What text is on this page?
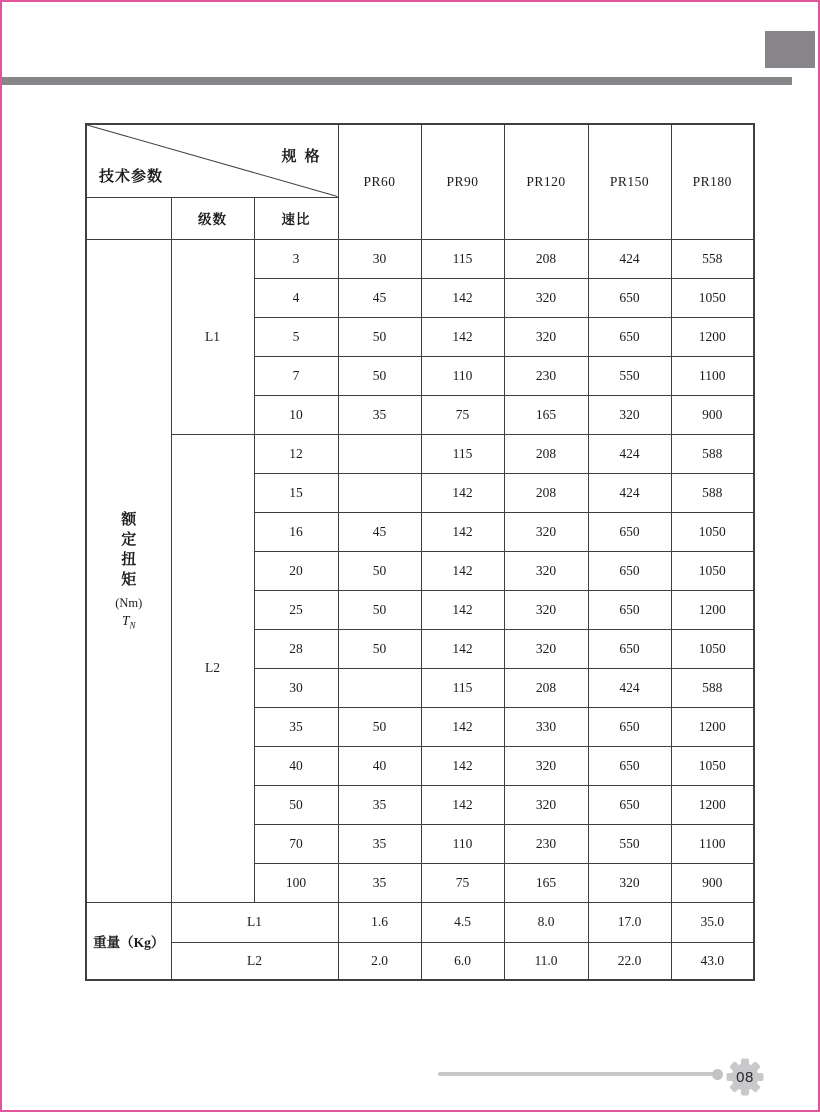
技术参数
规格			PR60	PR90	PR120	PR150	PR180
	级数	速比					

额定扭矩
(Nm)
$T_N$	L1	3	30	115	208	424	558
		4	45	142	320	650	1050
		5	50	142	320	650	1200
		7	50	110	230	550	1100
		10	35	75	165	320	900
	L2	12		115	208	424	588
		15		142	208	424	588
		16	45	142	320	650	1050
		20	50	142	320	650	1050
		25	50	142	320	650	1200
		28	50	142	320	650	1050
		30		115	208	424	588
		35	50	142	330	650	1200
		40	40	142	320	650	1050
		50	35	142	320	650	1200
		70	35	110	230	550	1100
		100	35	75	165	320	900
重量（Kg）	L1		1.6	4.5	8.0	17.0	35.0
	L2		2.0	6.0	11.0	22.0	43.0
08
